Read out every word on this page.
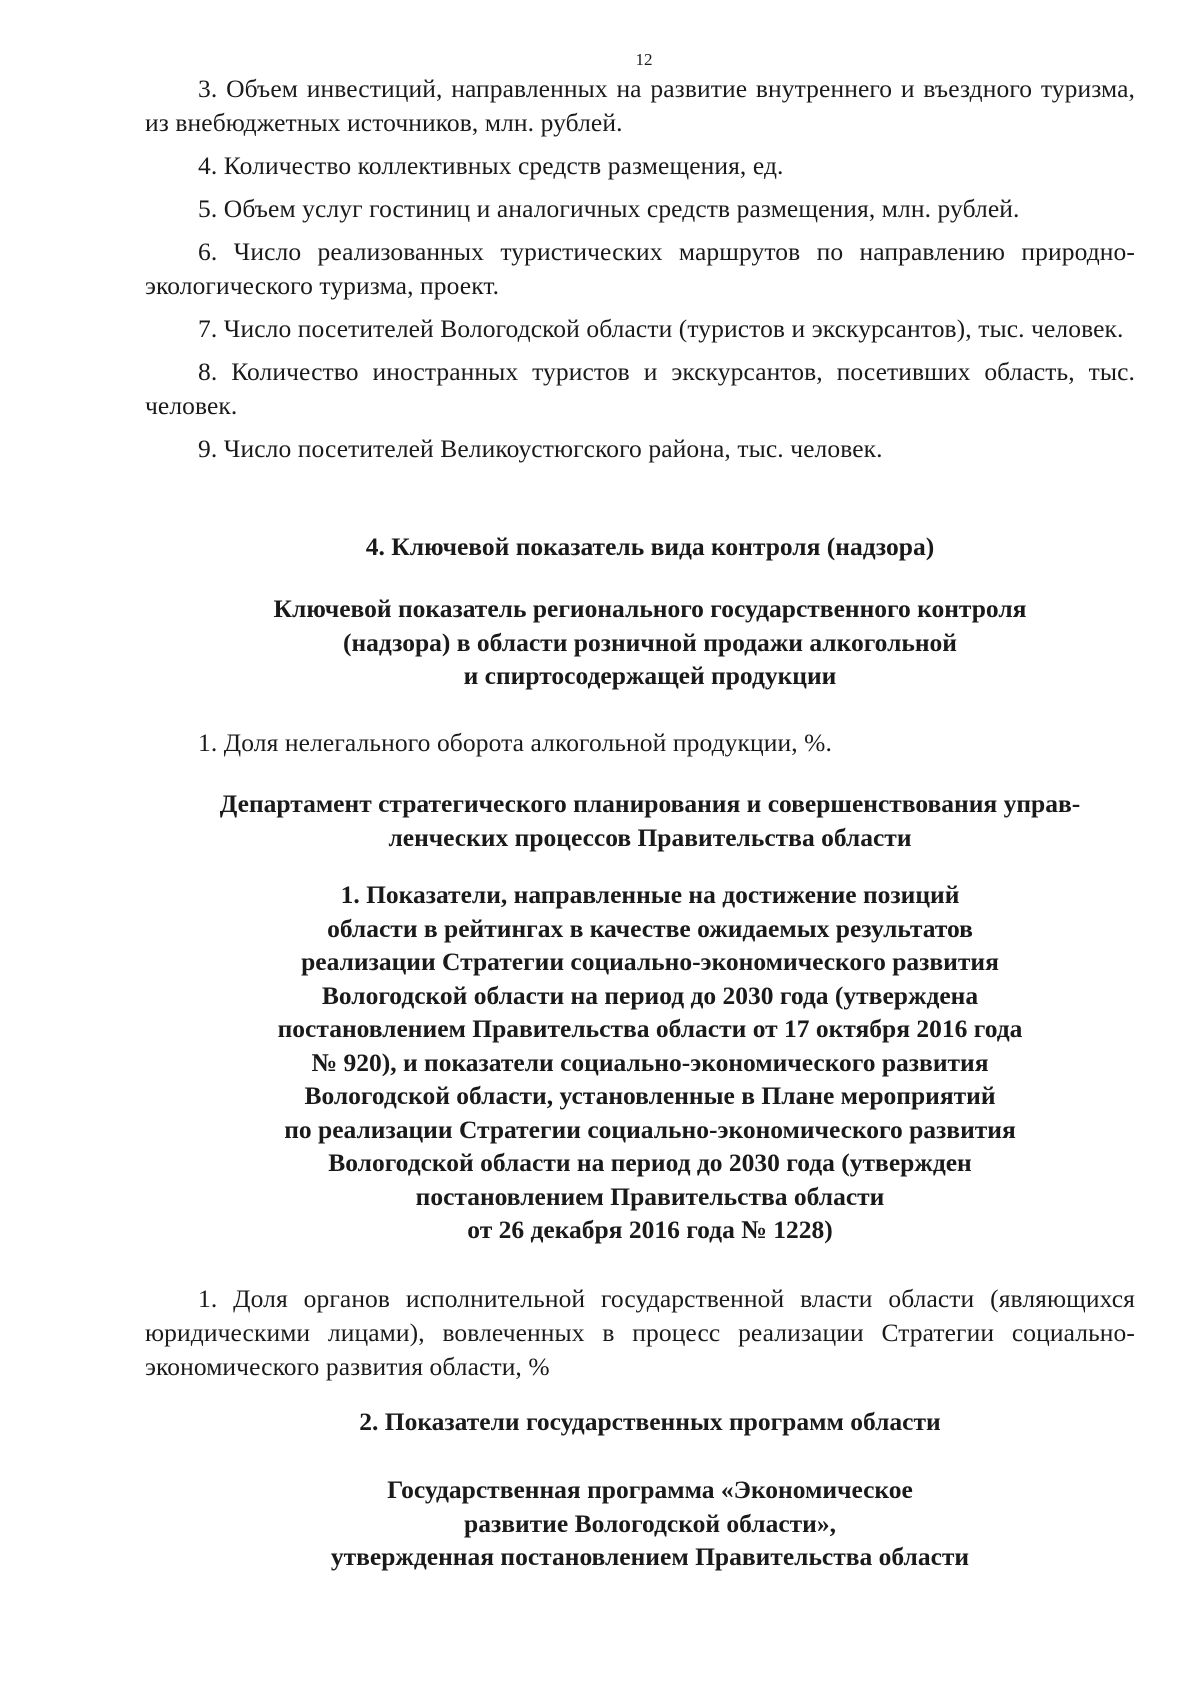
12

3. Объем инвестиций, направленных на развитие внутреннего и въездного туризма, из внебюджетных источников, млн. рублей.

4. Количество коллективных средств размещения, ед.

5. Объем услуг гостиниц и аналогичных средств размещения, млн. рублей.

6. Число реализованных туристических маршрутов по направлению природно-экологического туризма, проект.

7. Число посетителей Вологодской области (туристов и экскурсантов), тыс. человек.

8. Количество иностранных туристов и экскурсантов, посетивших область, тыс. человек.

9. Число посетителей Великоустюгского района, тыс. человек.

4. Ключевой показатель вида контроля (надзора)
Ключевой показатель регионального государственного контроля
(надзора) в области розничной продажи алкогольной
и спиртосодержащей продукции

1. Доля нелегального оборота алкогольной продукции, %.

Департамент стратегического планирования и совершенствования управ-
ленческих процессов Правительства области
1. Показатели, направленные на достижение позиций
области в рейтингах в качестве ожидаемых результатов
реализации Стратегии социально-экономического развития
Вологодской области на период до 2030 года (утверждена
постановлением Правительства области от 17 октября 2016 года
№ 920), и показатели социально-экономического развития
Вологодской области, установленные в Плане мероприятий
по реализации Стратегии социально-экономического развития
Вологодской области на период до 2030 года (утвержден
постановлением Правительства области
от 26 декабря 2016 года № 1228)

1. Доля органов исполнительной государственной власти области (являющихся юридическими лицами), вовлеченных в процесс реализации Стратегии социально-экономического развития области, %

2. Показатели государственных программ области
Государственная программа «Экономическое
развитие Вологодской области»,
утвержденная постановлением Правительства области
